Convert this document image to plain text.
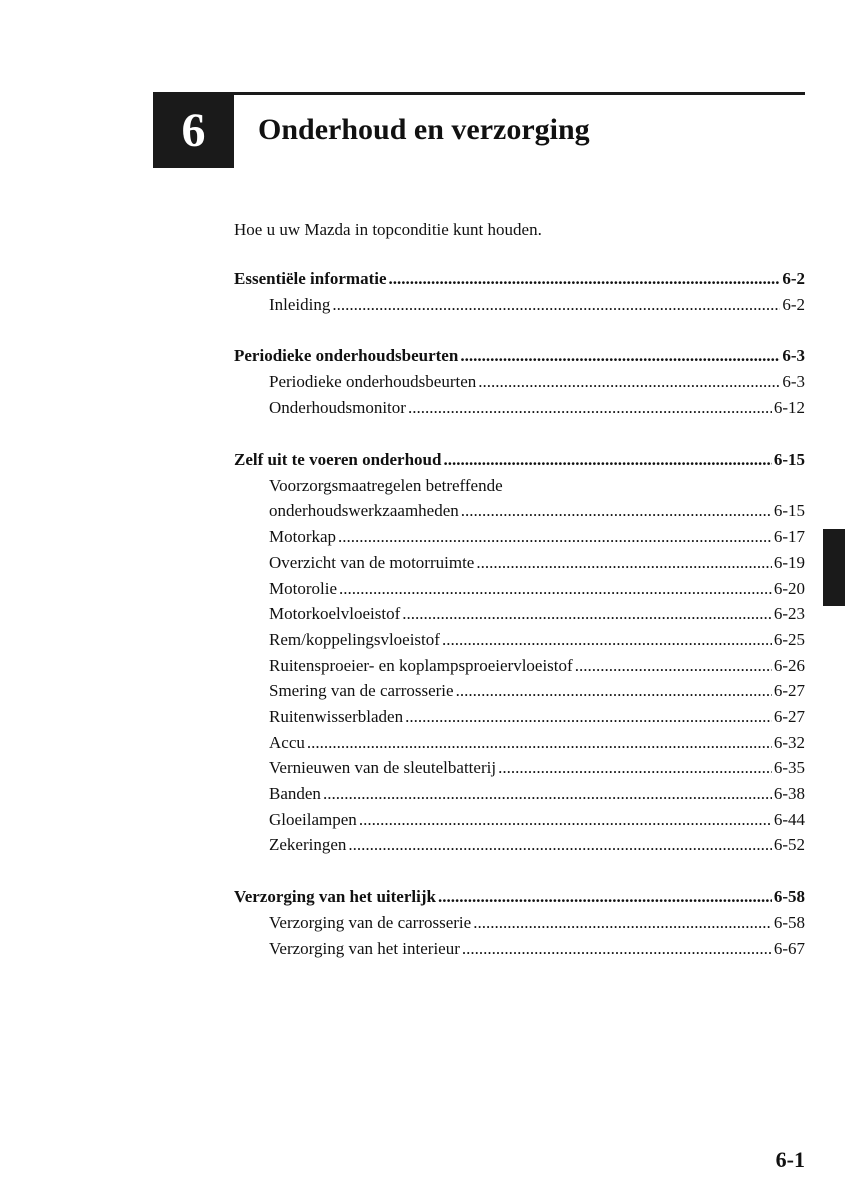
6 Onderhoud en verzorging
Hoe u uw Mazda in topconditie kunt houden.
Essentiële informatie .....	6-2
Inleiding .....	6-2
Periodieke onderhoudsbeurten .....	6-3
Periodieke onderhoudsbeurten .....	6-3
Onderhoudsmonitor .....	6-12
Zelf uit te voeren onderhoud .....	6-15
Voorzorgsmaatregelen betreffende
onderhoudswerkzaamheden .....	6-15
Motorkap .....	6-17
Overzicht van de motorruimte .....	6-19
Motorolie .....	6-20
Motorkoelvloeistof .....	6-23
Rem/koppelingsvloeistof .....	6-25
Ruitensproeier- en koplampsproeiervloeistof .....	6-26
Smering van de carrosserie .....	6-27
Ruitenwisserbladen .....	6-27
Accu .....	6-32
Vernieuwen van de sleutelbatterij .....	6-35
Banden .....	6-38
Gloeilampen .....	6-44
Zekeringen .....	6-52
Verzorging van het uiterlijk .....	6-58
Verzorging van de carrosserie .....	6-58
Verzorging van het interieur .....	6-67
6-1
